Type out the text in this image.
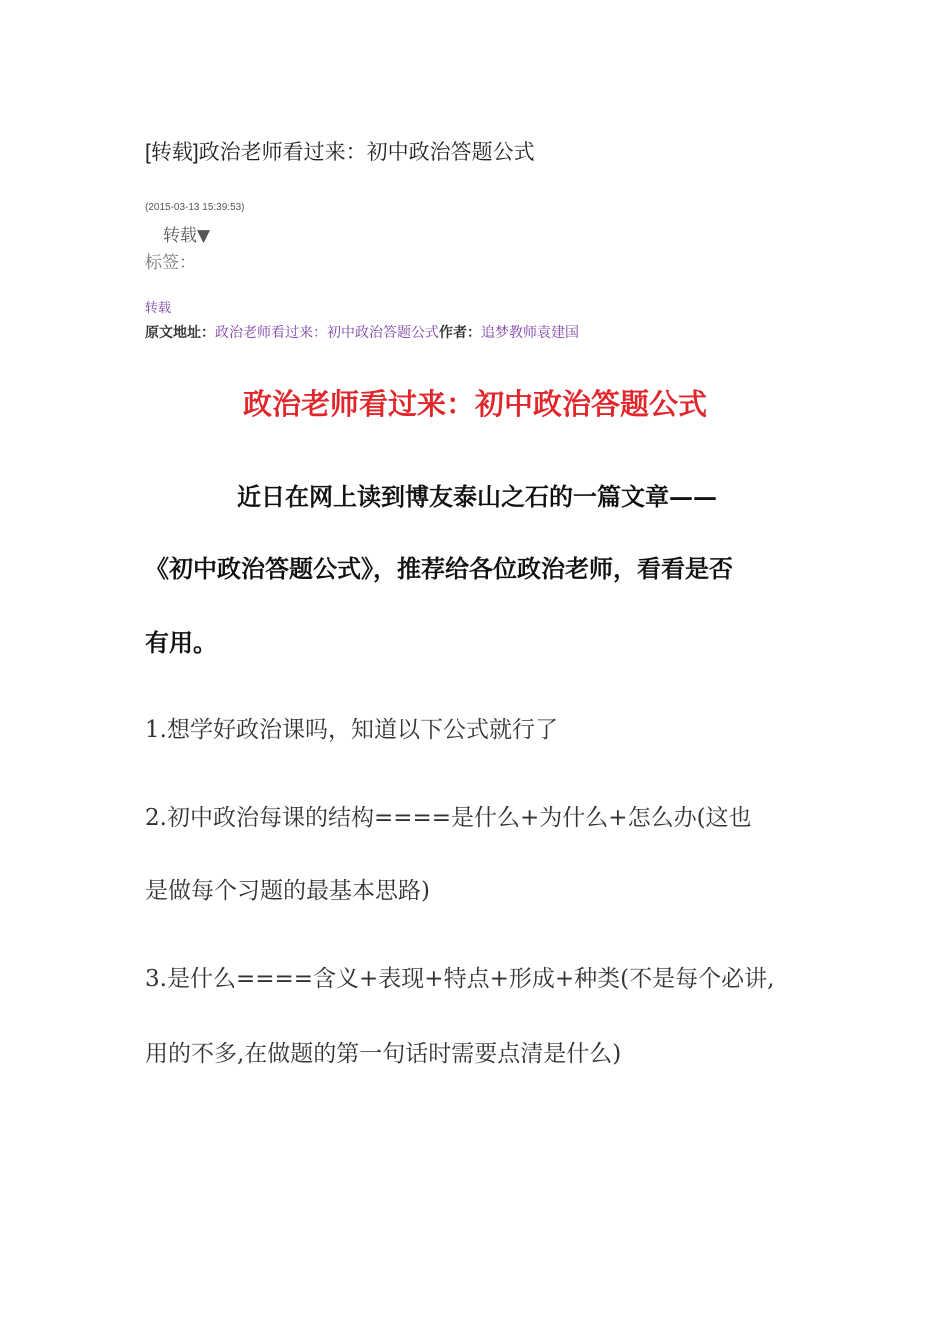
[转载]政治老师看过来：初中政治答题公式
(2015-03-13 15:39:53)
转载▼
标签：
转载
原文地址：政治老师看过来：初中政治答题公式作者：追梦教师袁建国
政治老师看过来：初中政治答题公式
近日在网上读到博友泰山之石的一篇文章——
《初中政治答题公式》，推荐给各位政治老师，看看是否
有用。
1.想学好政治课吗，知道以下公式就行了
2.初中政治每课的结构====是什么+为什么+怎么办(这也
是做每个习题的最基本思路)
3.是什么====含义+表现+特点+形成+种类(不是每个必讲,
用的不多,在做题的第一句话时需要点清是什么)
